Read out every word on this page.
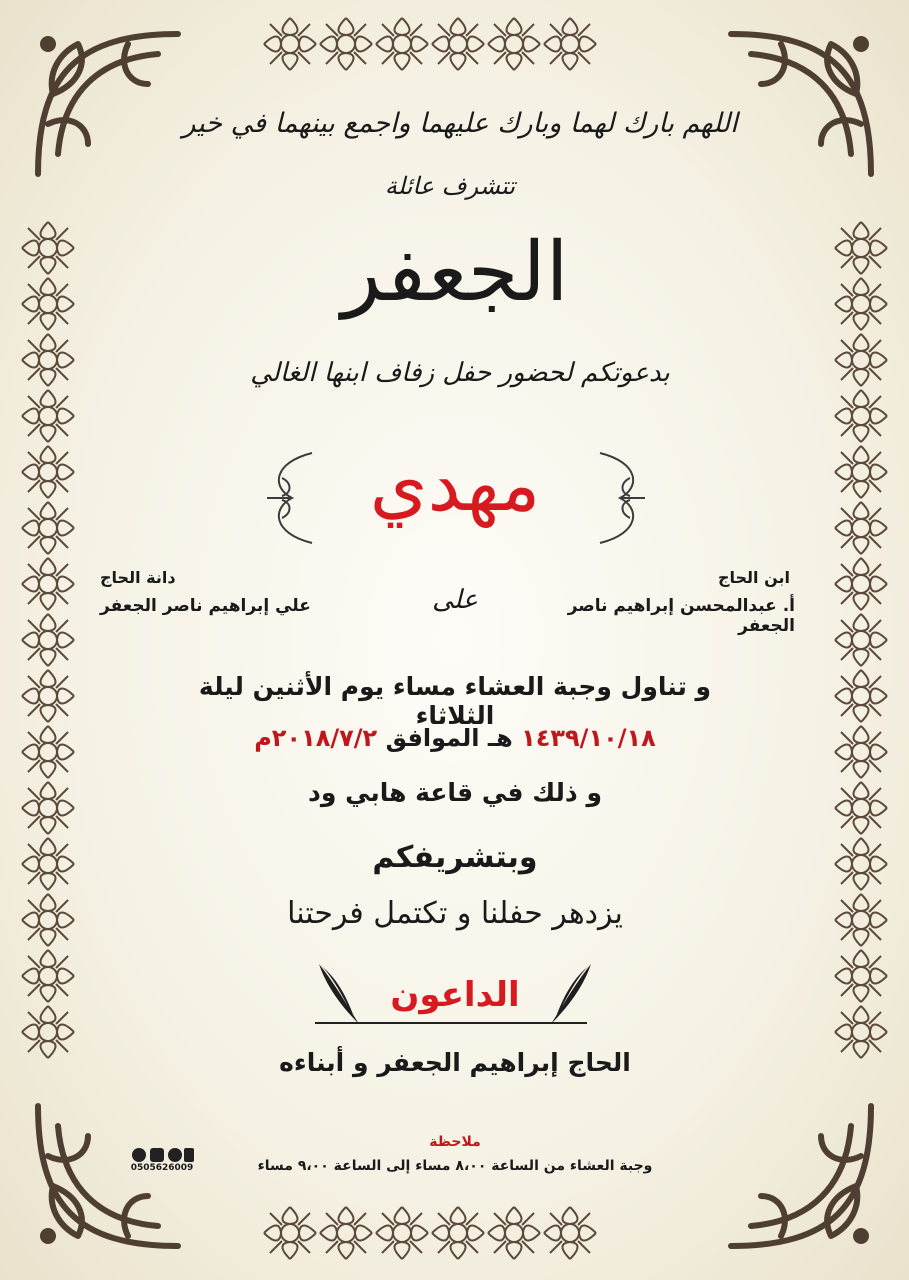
اللهم بارك لهما وبارك عليهما واجمع بينهما في خير
تتشرف عائلة
الجعفر
بدعوتكم لحضور حفل زفاف ابنها الغالي
مهدي
ابن الحاج
أ. عبدالمحسن إبراهيم ناصر الجعفر
على
دانة الحاج
علي إبراهيم ناصر الجعفر
و تناول وجبة العشاء مساء يوم الأثنين ليلة الثلاثاء
١٤٣٩/١٠/١٨ هـ الموافق ٢٠١٨/٧/٢م
و ذلك في قاعة هابي ود
وبتشريفكم
يزدهر حفلنا و تكتمل فرحتنا
الداعون
الحاج إبراهيم الجعفر و أبناءه
ملاحظة
وجبة العشاء من الساعة ٨،٠٠ مساء إلى الساعة ٩،٠٠ مساء
0505626009
